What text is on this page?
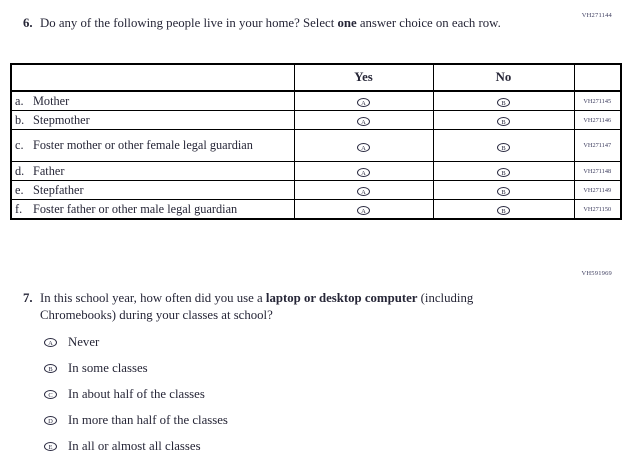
VH271144
6. Do any of the following people live in your home? Select one answer choice on each row.
	Yes	No	

a. Mother	A	B	VH271145

b. Stepmother	A	B	VH271146

c. Foster mother or other female legal guardian	A	B	VH271147

d. Father	A	B	VH271148

e. Stepfather	A	B	VH271149

f. Foster father or other male legal guardian	A	B	VH271150
VH591969
7. In this school year, how often did you use a laptop or desktop computer (including Chromebooks) during your classes at school?
A	Never
B	In some classes
C	In about half of the classes
D	In more than half of the classes
E	In all or almost all classes
